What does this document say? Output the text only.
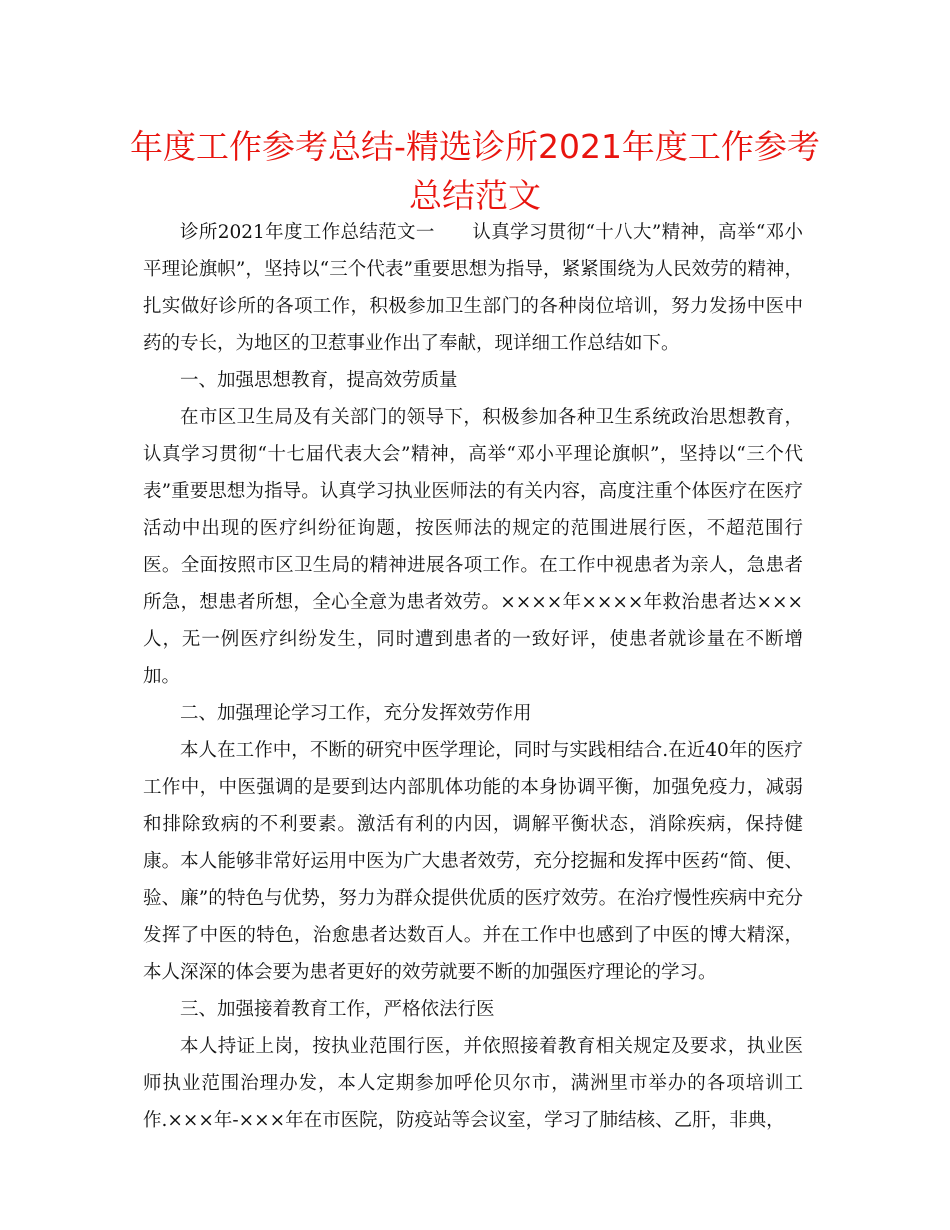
年度工作参考总结-精选诊所2021年度工作参考总结范文

诊所2021年度工作总结范文一　　认真学习贯彻“十八大”精神，高举“邓小平理论旗帜”，坚持以“三个代表”重要思想为指导，紧紧围绕为人民效劳的精神，扎实做好诊所的各项工作，积极参加卫生部门的各种岗位培训，努力发扬中医中药的专长，为地区的卫惹事业作出了奉献，现详细工作总结如下。

一、加强思想教育，提高效劳质量

在市区卫生局及有关部门的领导下，积极参加各种卫生系统政治思想教育，认真学习贯彻“十七届代表大会”精神，高举“邓小平理论旗帜”，坚持以“三个代表”重要思想为指导。认真学习执业医师法的有关内容，高度注重个体医疗在医疗活动中出现的医疗纠纷征询题，按医师法的规定的范围进展行医，不超范围行医。全面按照市区卫生局的精神进展各项工作。在工作中视患者为亲人，急患者所急，想患者所想，全心全意为患者效劳。××××年××××年救治患者达×××人，无一例医疗纠纷发生，同时遭到患者的一致好评，使患者就诊量在不断增加。

二、加强理论学习工作，充分发挥效劳作用

本人在工作中，不断的研究中医学理论，同时与实践相结合.在近40年的医疗工作中，中医强调的是要到达内部肌体功能的本身协调平衡，加强免疫力，减弱和排除致病的不利要素。激活有利的内因，调解平衡状态，消除疾病，保持健康。本人能够非常好运用中医为广大患者效劳，充分挖掘和发挥中医药“简、便、验、廉”的特色与优势，努力为群众提供优质的医疗效劳。在治疗慢性疾病中充分发挥了中医的特色，治愈患者达数百人。并在工作中也感到了中医的博大精深，本人深深的体会要为患者更好的效劳就要不断的加强医疗理论的学习。

三、加强接着教育工作，严格依法行医

本人持证上岗，按执业范围行医，并依照接着教育相关规定及要求，执业医师执业范围治理办发，本人定期参加呼伦贝尔市，满洲里市举办的各项培训工作.×××年-×××年在市医院，防疫站等会议室，学习了肺结核、乙肝，非典，
